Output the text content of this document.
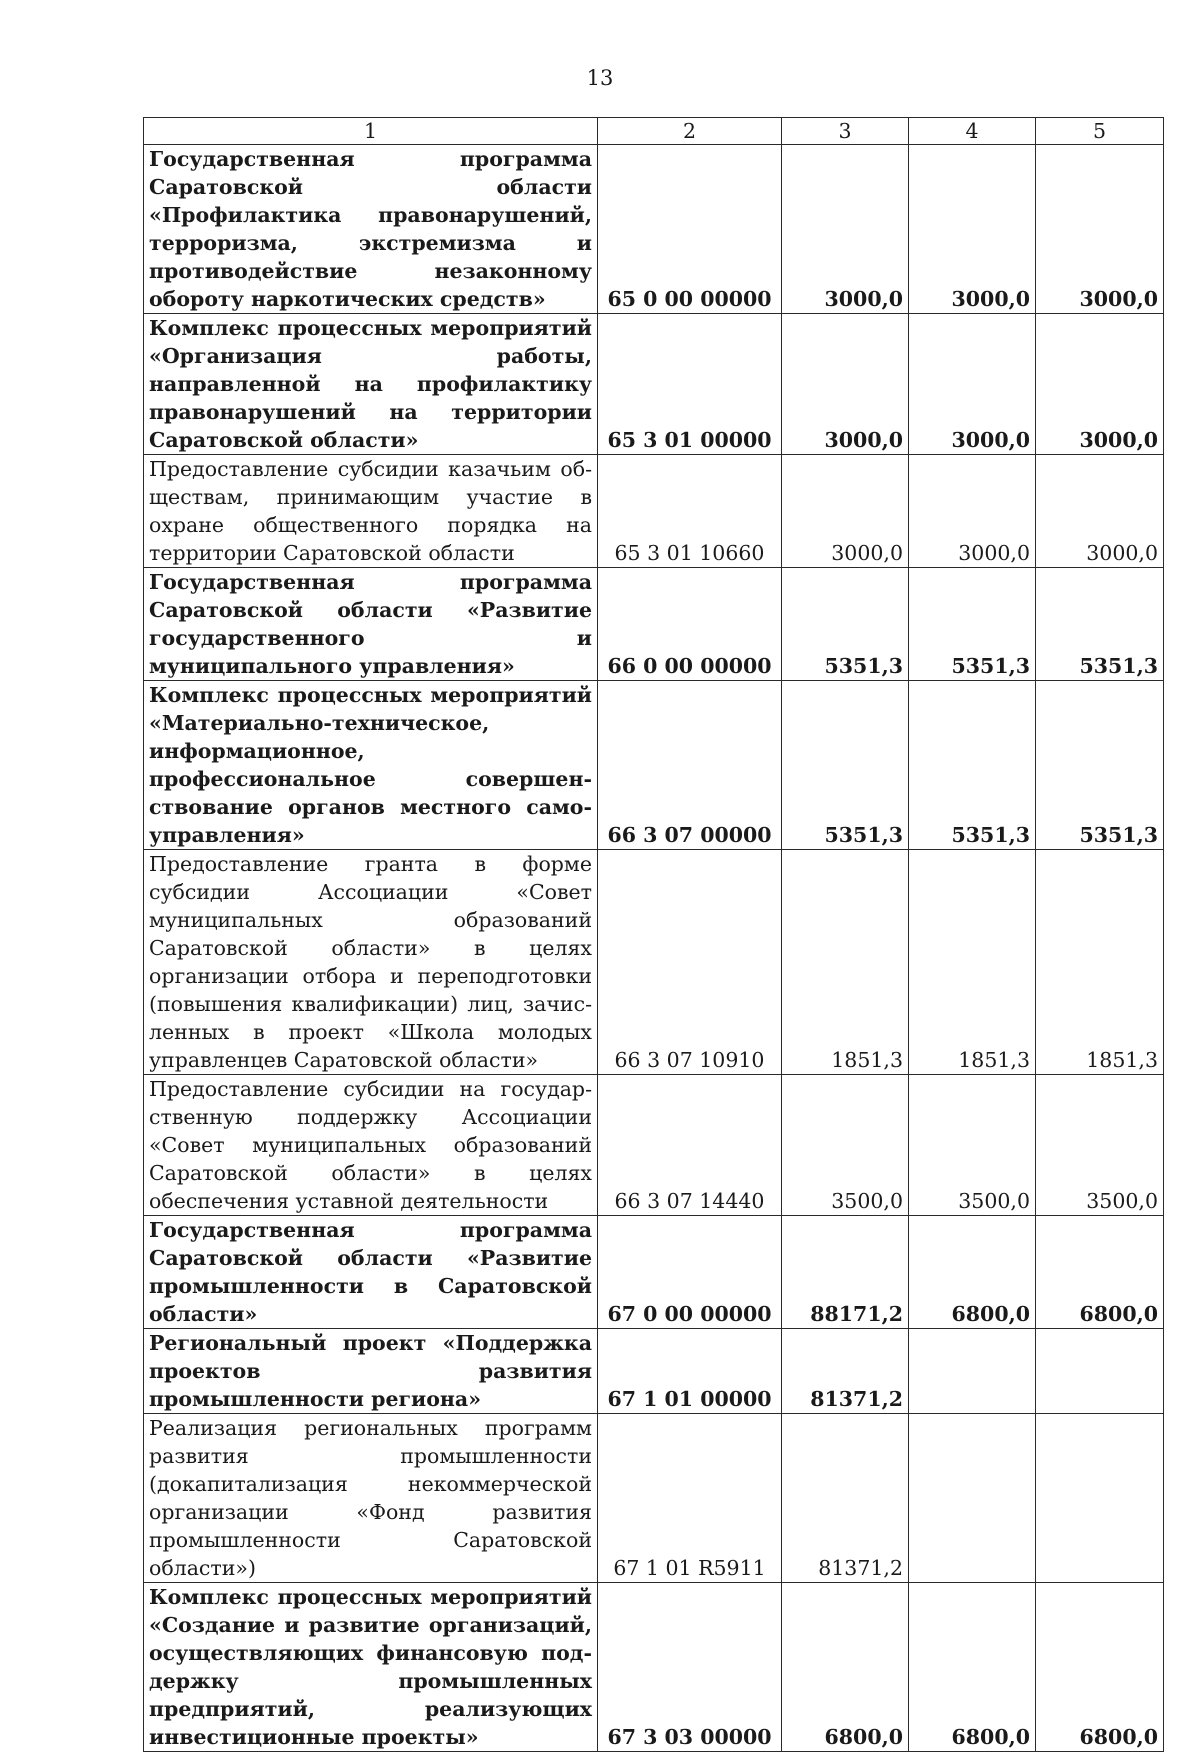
13
1	2	3	4	5
Государственная программа Саратовской области «Профилактика правонарушений, терроризма, экстремизма и противодействие незаконному обороту наркотических средств»	65 0 00 00000	3000,0	3000,0	3000,0
Комплекс процессных мероприятий «Организация работы, направленной на профилактику правонарушений на территории Саратовской области»	65 3 01 00000	3000,0	3000,0	3000,0
Предоставление субсидии казачьим обществам, принимающим участие в охране общественного порядка на территории Саратовской области	65 3 01 10660	3000,0	3000,0	3000,0
Государственная программа Саратовской области «Развитие государственного и муниципального управления»	66 0 00 00000	5351,3	5351,3	5351,3
Комплекс процессных мероприятий «Материально-техническое, информационное, профессиональное совершенствование органов местного самоуправления»	66 3 07 00000	5351,3	5351,3	5351,3
Предоставление гранта в форме субсидии Ассоциации «Совет муниципальных образований Саратовской области» в целях организации отбора и переподготовки (повышения квалификации) лиц, зачисленных в проект «Школа молодых управленцев Саратовской области»	66 3 07 10910	1851,3	1851,3	1851,3
Предоставление субсидии на государственную поддержку Ассоциации «Совет муниципальных образований Саратовской области» в целях обеспечения уставной деятельности	66 3 07 14440	3500,0	3500,0	3500,0
Государственная программа Саратовской области «Развитие промышленности в Саратовской области»	67 0 00 00000	88171,2	6800,0	6800,0
Региональный проект «Поддержка проектов развития промышленности региона»	67 1 01 00000	81371,2		
Реализация региональных программ развития промышленности (докапитализация некоммерческой организации «Фонд развития промышленности Саратовской области»)	67 1 01 R5911	81371,2		
Комплекс процессных мероприятий «Создание и развитие организаций, осуществляющих финансовую поддержку промышленных предприятий, реализующих инвестиционные проекты»	67 3 03 00000	6800,0	6800,0	6800,0
